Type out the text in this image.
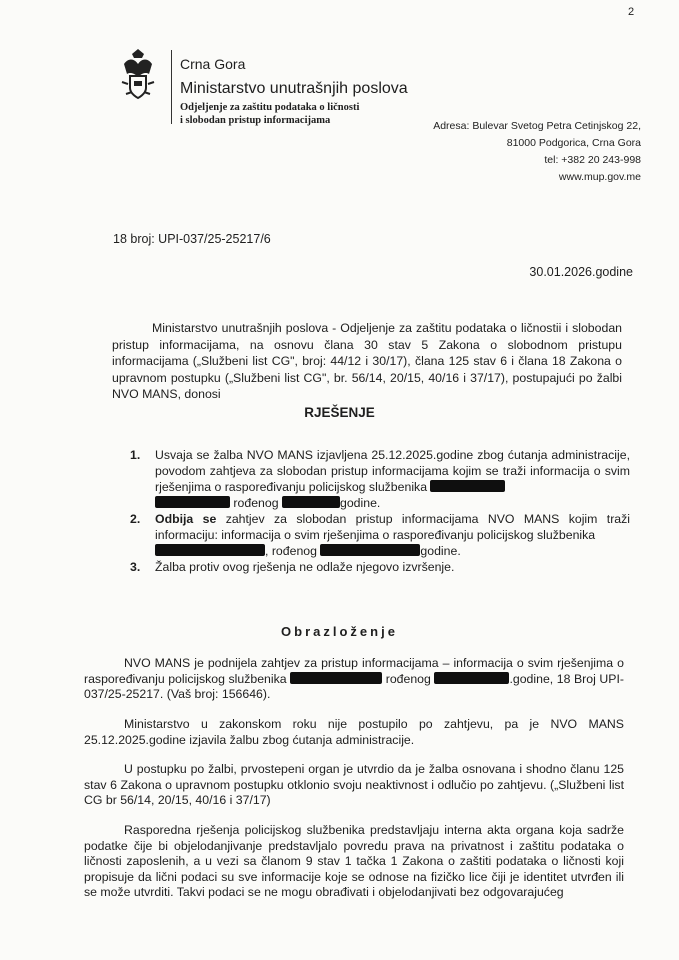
2
Crna Gora
Ministarstvo unutrašnjih poslova
Odjeljenje za zaštitu podataka o ličnosti
i slobodan pristup informacijama	Adresa: Bulevar Svetog Petra Cetinjskog 22,
81000 Podgorica, Crna Gora
tel: +382 20 243-998
www.mup.gov.me
18 broj: UPI-037/25-25217/6
30.01.2026.godine
Ministarstvo unutrašnjih poslova - Odjeljenje za zaštitu podataka o ličnostii i slobodan pristup informacijama, na osnovu člana 30 stav 5 Zakona o slobodnom pristupu informacijama („Službeni list CG", broj: 44/12 i 30/17), člana 125 stav 6 i člana 18 Zakona o upravnom postupku („Službeni list CG", br. 56/14, 20/15, 40/16 i 37/17), postupajući po žalbi NVO MANS, donosi
RJEŠENJE
1. Usvaja se žalba NVO MANS izjavljena 25.12.2025.godine zbog ćutanja administracije, povodom zahtjeva za slobodan pristup informacijama kojim se traži informacija o svim rješenjima o raspoređivanju policijskog službenika
rođenog	godine.
2. Odbija se zahtjev za slobodan pristup informacijama NVO MANS kojim traži informaciju: informacija o svim rješenjima o raspoređivanju policijskog službenika
, rođenog	godine.
3. Žalba protiv ovog rješenja ne odlaže njegovo izvršenje.
Obrazloženje
NVO MANS je podnijela zahtjev za pristup informacijama – informacija o svim rješenjima o raspoređivanju policijskog službenika	rođenog	.godine, 18 Broj UPI-037/25-25217. (Vaš broj: 156646).
Ministarstvo u zakonskom roku nije postupilo po zahtjevu, pa je NVO MANS 25.12.2025.godine izjavila žalbu zbog ćutanja administracije.
U postupku po žalbi, prvostepeni organ je utvrdio da je žalba osnovana i shodno članu 125 stav 6 Zakona o upravnom postupku otklonio svoju neaktivnost i odlučio po zahtjevu. („Službeni list CG br 56/14, 20/15, 40/16 i 37/17)
Rasporedna rješenja policijskog službenika predstavljaju interna akta organa koja sadrže podatke čije bi objelodanjivanje predstavljalo povredu prava na privatnost i zaštitu podataka o ličnosti zaposlenih, a u vezi sa članom 9 stav 1 tačka 1 Zakona o zaštiti podataka o ličnosti koji propisuje da lični podaci su sve informacije koje se odnose na fizičko lice čiji je identitet utvrđen ili se može utvrditi. Takvi podaci se ne mogu obrađivati i objelodanjivati bez odgovarajućeg
